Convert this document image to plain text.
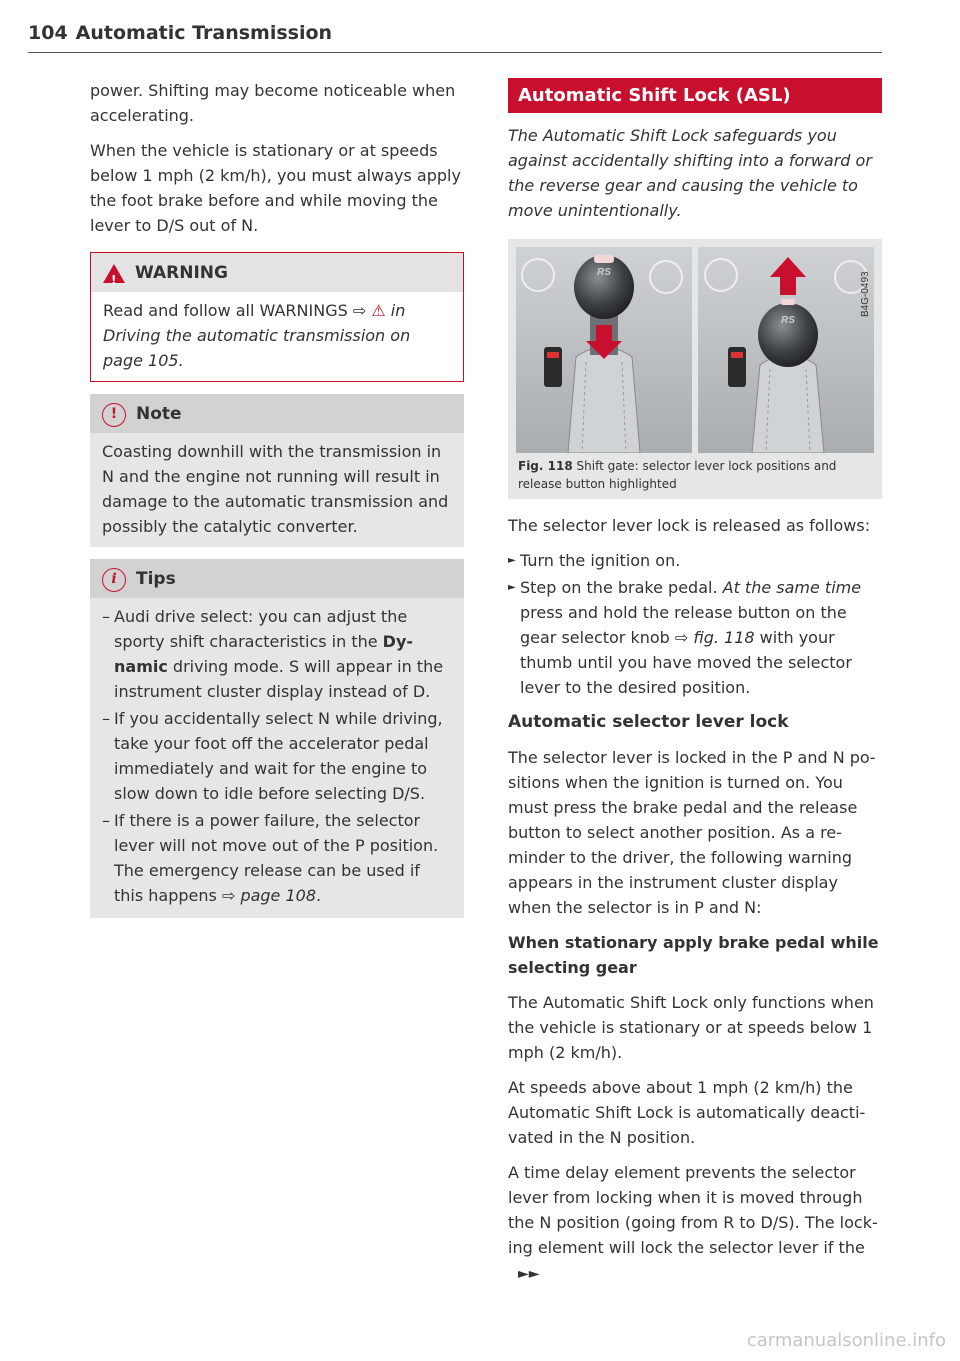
104 Automatic Transmission

power. Shifting may become noticeable when accelerating.

When the vehicle is stationary or at speeds below 1 mph (2 km/h), you must always apply the foot brake before and while moving the lever to D/S out of N.

!
WARNING
Read and follow all WARNINGS ⇨ ⚠ in Driving the automatic transmission on page 105.
!	Note
Coasting downhill with the transmission in N and the engine not running will result in damage to the automatic transmission and possibly the catalytic converter.
i	Tips
– Audi drive select: you can adjust the sporty shift characteristics in the Dynamic driving mode. S will appear in the instrument cluster display instead of D.
– If you accidentally select N while driving, take your foot off the accelerator pedal immediately and wait for the engine to slow down to idle before selecting D/S.
– If there is a power failure, the selector lever will not move out of the P position. The emergency release can be used if this happens ⇨ page 108.
Automatic Shift Lock (ASL)

The Automatic Shift Lock safeguards you against accidentally shifting into a forward or the reverse gear and causing the vehicle to move unintentionally.

RS
RS
B4G-0493
Fig. 118 Shift gate: selector lever lock positions and release button highlighted

The selector lever lock is released as follows:

► Turn the ignition on.
► Step on the brake pedal. At the same time press and hold the release button on the gear selector knob ⇨ fig. 118 with your thumb until you have moved the selector lever to the desired position.
Automatic selector lever lock

The selector lever is locked in the P and N positions when the ignition is turned on. You must press the brake pedal and the release button to select another position. As a reminder to the driver, the following warning appears in the instrument cluster display when the selector is in P and N:

When stationary apply brake pedal while selecting gear

The Automatic Shift Lock only functions when the vehicle is stationary or at speeds below 1 mph (2 km/h).

At speeds above about 1 mph (2 km/h) the Automatic Shift Lock is automatically deactivated in the N position.

A time delay element prevents the selector lever from locking when it is moved through the N position (going from R to D/S). The locking element will lock the selector lever if the►►

carmanualsonline.info
